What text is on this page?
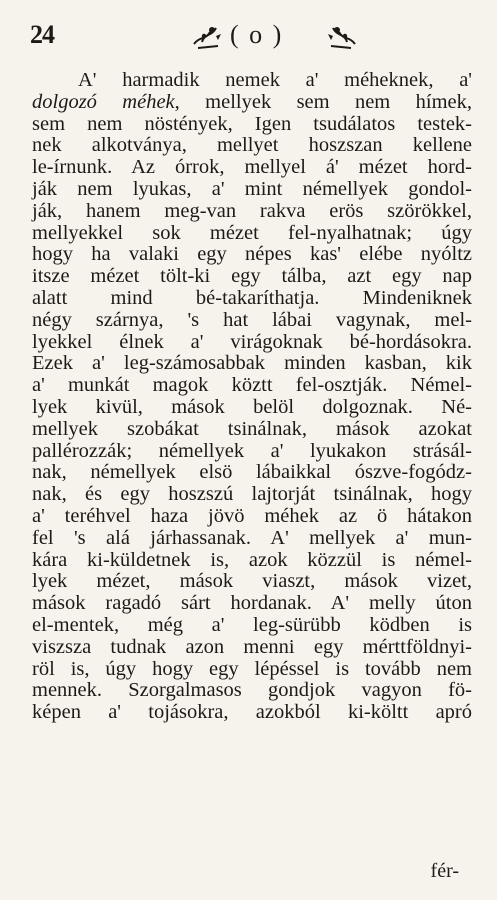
24	( o )
A' harmadik nemek a' méheknek, a'
dolgozó méhek, mellyek sem nem hímek,
sem nem nöstények, Igen tsudálatos testek-
nek alkotványa, mellyet hoszszan kellene
le-írnunk. Az órrok, mellyel á' mézet hord-
ják nem lyukas, a' mint némellyek gondol-
ják, hanem meg-van rakva erös szörökkel,
mellyekkel sok mézet fel-nyalhatnak; úgy
hogy ha valaki egy népes kas' elébe nyóltz
itsze mézet tölt-ki egy tálba, azt egy nap
alatt mind bé-takaríthatja. Mindeniknek
négy szárnya, 's hat lábai vagynak, mel-
lyekkel élnek a' virágoknak bé-hordásokra.
Ezek a' leg-számosabbak minden kasban, kik
a' munkát magok köztt fel-osztják. Némel-
lyek kivül, mások belöl dolgoznak. Né-
mellyek szobákat tsinálnak, mások azokat
pallérozzák; némellyek a' lyukakon strásál-
nak, némellyek elsö lábaikkal ószve-fogódz-
nak, és egy hoszszú lajtorját tsinálnak, hogy
a' teréhvel haza jövö méhek az ö hátakon
fel 's alá járhassanak. A' mellyek a' mun-
kára ki-küldetnek is, azok közzül is némel-
lyek mézet, mások viaszt, mások vizet,
mások ragadó sárt hordanak. A' melly úton
el-mentek, még a' leg-sürübb ködben is
viszsza tudnak azon menni egy mérttföldnyi-
röl is, úgy hogy egy lépéssel is tovább nem
mennek. Szorgalmasos gondjok vagyon fö-
képen a' tojásokra, azokból ki-költt apró
fér-
